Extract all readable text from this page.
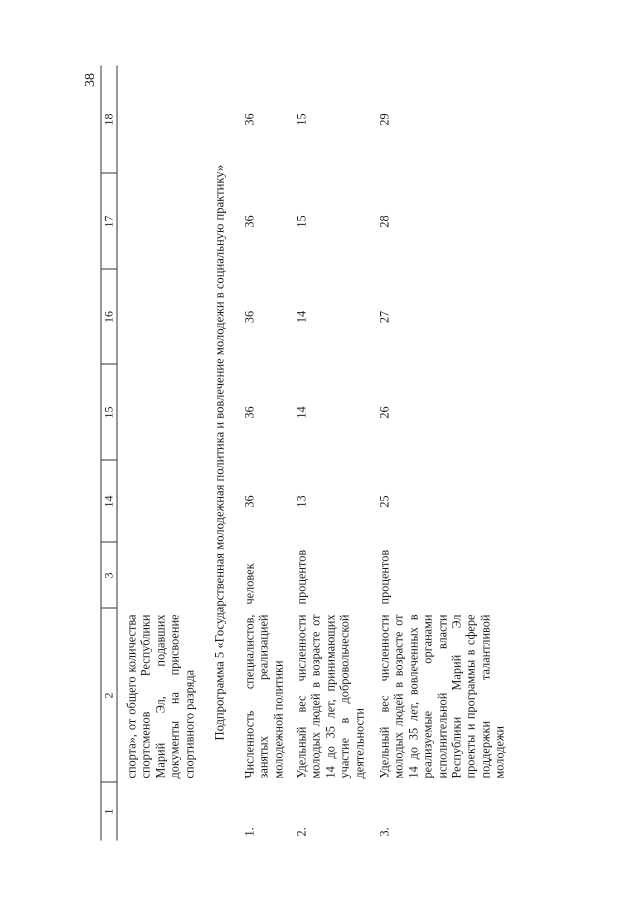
38
1
2
3
14
15
16
17
18
спорта», от общего количества спортсменов Республики Марий Эл, подавших документы на присвоение спортивного разряда Подпрограмма 5 «Государственная молодежная политика и вовлечение молодежи в социальную практику»
1.
Численность специалистов, занятых реализацией молодежной политики
человек
36
36
36
36
36
2.
Удельный вес численности молодых людей в возрасте от 14 до 35 лет, принимающих участие в добровольческой деятельности
процентов
13
14
14
15
15
3.
Удельный вес численности молодых людей в возрасте от 14 до 35 лет, вовлеченных в реализуемые органами исполнительной власти Республики Марий Эл проекты и программы в сфере поддержки талантливой молодежи
процентов
25
26
27
28
29
